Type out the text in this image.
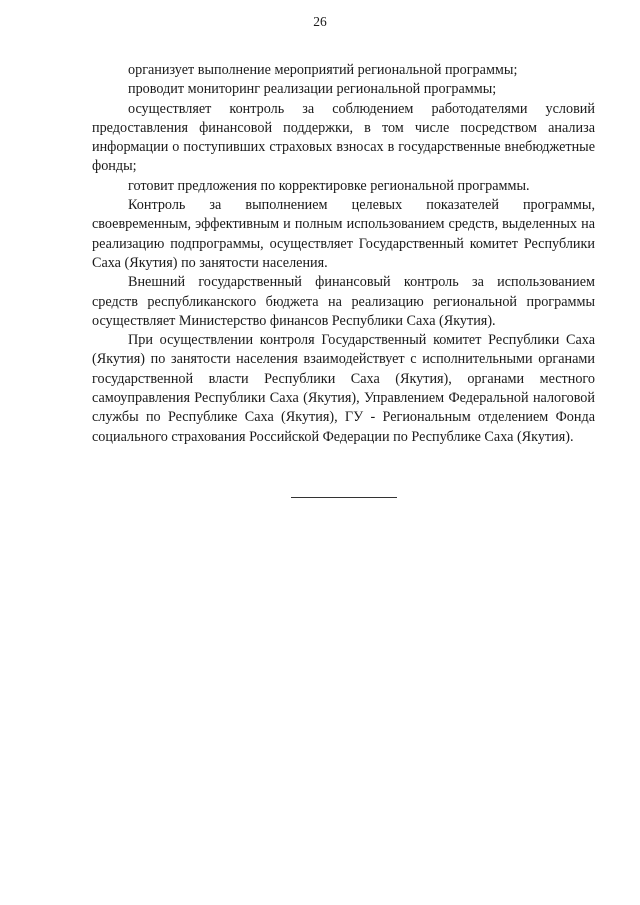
26

организует выполнение мероприятий региональной программы;

проводит мониторинг реализации региональной программы;

осуществляет контроль за соблюдением работодателями условий предоставления финансовой поддержки, в том числе посредством анализа информации о поступивших страховых взносах в государственные внебюджетные фонды;

готовит предложения по корректировке региональной программы.

Контроль за выполнением целевых показателей программы, своевременным, эффективным и полным использованием средств, выделенных на реализацию подпрограммы, осуществляет Государственный комитет Республики Саха (Якутия) по занятости населения.

Внешний государственный финансовый контроль за использованием средств республиканского бюджета на реализацию региональной программы осуществляет Министерство финансов Республики Саха (Якутия).

При осуществлении контроля Государственный комитет Республики Саха (Якутия) по занятости населения взаимодействует с исполнительными органами государственной власти Республики Саха (Якутия), органами местного самоуправления Республики Саха (Якутия), Управлением Федеральной налоговой службы по Республике Саха (Якутия), ГУ - Региональным отделением Фонда социального страхования Российской Федерации по Республике Саха (Якутия).
